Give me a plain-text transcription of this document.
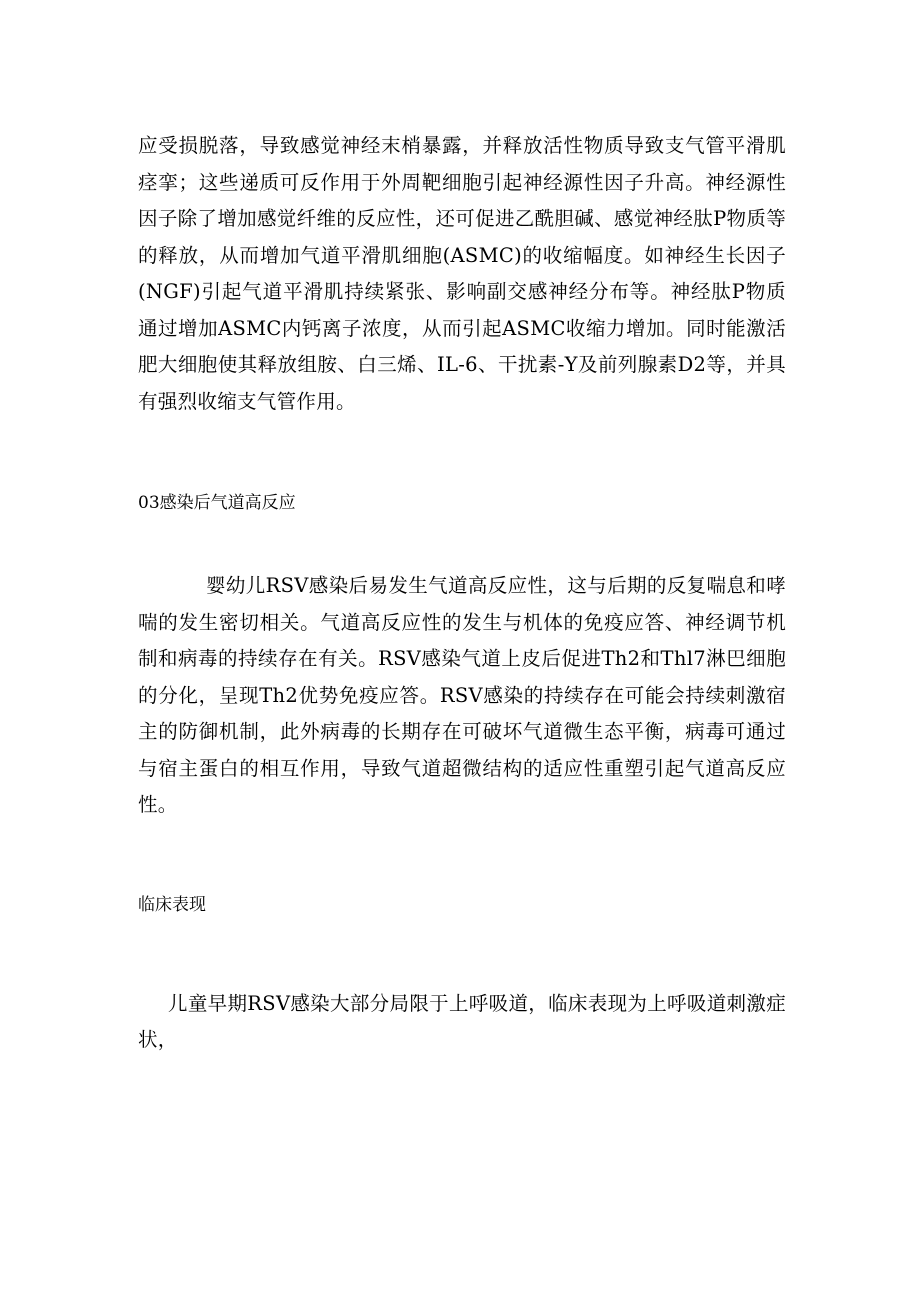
应受损脱落，导致感觉神经末梢暴露，并释放活性物质导致支气管平滑肌痉挛；这些递质可反作用于外周靶细胞引起神经源性因子升高。神经源性因子除了增加感觉纤维的反应性，还可促进乙酰胆碱、感觉神经肽P物质等的释放，从而增加气道平滑肌细胞(ASMC)的收缩幅度。如神经生长因子(NGF)引起气道平滑肌持续紧张、影响副交感神经分布等。神经肽P物质通过增加ASMC内钙离子浓度，从而引起ASMC收缩力增加。同时能激活肥大细胞使其释放组胺、白三烯、IL-6、干扰素-Y及前列腺素D2等，并具有强烈收缩支气管作用。

03感染后气道高反应

婴幼儿RSV感染后易发生气道高反应性，这与后期的反复喘息和哮喘的发生密切相关。气道高反应性的发生与机体的免疫应答、神经调节机制和病毒的持续存在有关。RSV感染气道上皮后促进Th2和Thl7淋巴细胞的分化，呈现Th2优势免疫应答。RSV感染的持续存在可能会持续刺激宿主的防御机制，此外病毒的长期存在可破坏气道微生态平衡，病毒可通过与宿主蛋白的相互作用，导致气道超微结构的适应性重塑引起气道高反应性。

临床表现

儿童早期RSV感染大部分局限于上呼吸道，临床表现为上呼吸道刺激症状，
